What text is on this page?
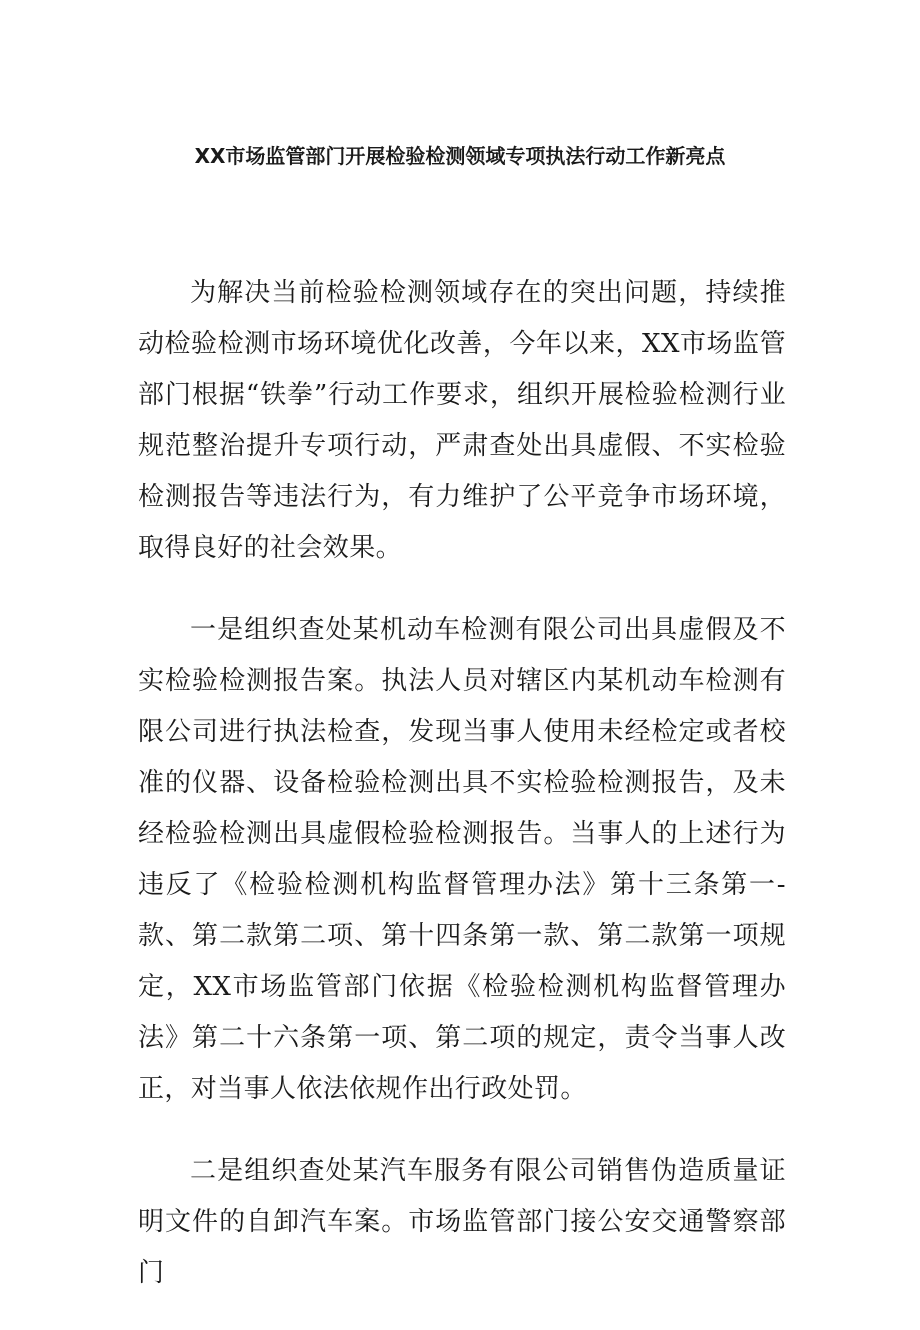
XX市场监管部门开展检验检测领域专项执法行动工作新亮点

为解决当前检验检测领域存在的突出问题，持续推动检验检测市场环境优化改善，今年以来，XX市场监管部门根据“铁拳”行动工作要求，组织开展检验检测行业规范整治提升专项行动，严肃查处出具虚假、不实检验检测报告等违法行为，有力维护了公平竞争市场环境，取得良好的社会效果。

一是组织查处某机动车检测有限公司出具虚假及不实检验检测报告案。执法人员对辖区内某机动车检测有限公司进行执法检查，发现当事人使用未经检定或者校准的仪器、设备检验检测出具不实检验检测报告，及未经检验检测出具虚假检验检测报告。当事人的上述行为违反了《检验检测机构监督管理办法》第十三条第一-款、第二款第二项、第十四条第一款、第二款第一项规定，XX市场监管部门依据《检验检测机构监督管理办法》第二十六条第一项、第二项的规定，责令当事人改正，对当事人依法依规作出行政处罚。

二是组织查处某汽车服务有限公司销售伪造质量证明文件的自卸汽车案。市场监管部门接公安交通警察部门
